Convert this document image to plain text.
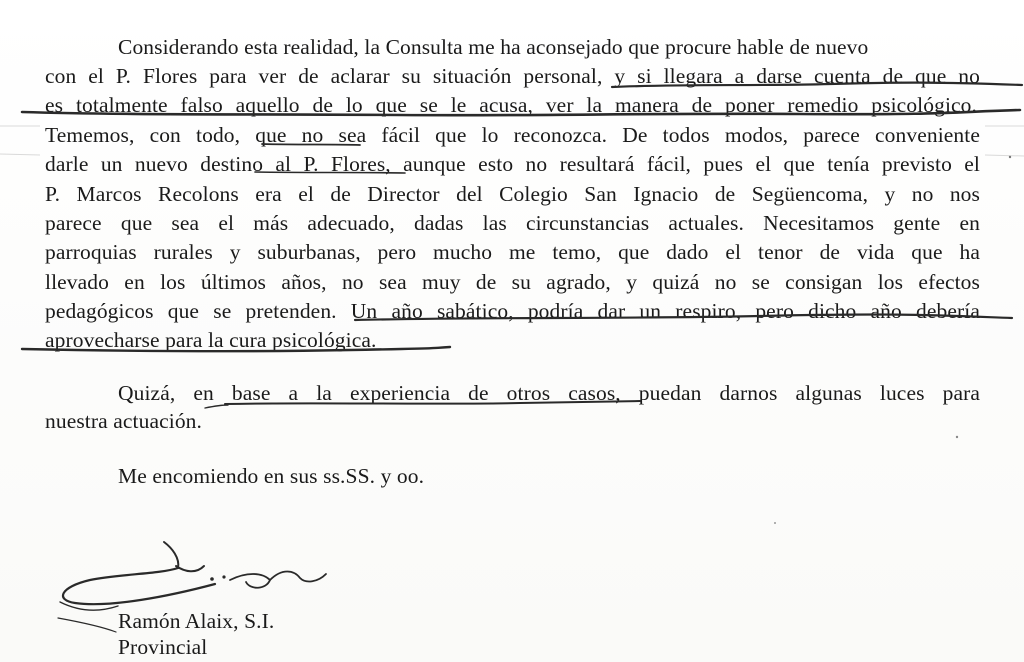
Considerando esta realidad, la Consulta me ha aconsejado que procure hable de nuevo
con el P. Flores para ver de aclarar su situación personal, y si llegara a darse cuenta de que no
es totalmente falso aquello de lo que se le acusa, ver la manera de poner remedio psicológico.
Tememos, con todo, que no sea fácil que lo reconozca. De todos modos, parece conveniente
darle un nuevo destino al P. Flores, aunque esto no resultará fácil, pues el que tenía previsto el
P. Marcos Recolons era el de Director del Colegio San Ignacio de Següencoma, y no nos
parece que sea el más adecuado, dadas las circunstancias actuales. Necesitamos gente en
parroquias rurales y suburbanas, pero mucho me temo, que dado el tenor de vida que ha
llevado en los últimos años, no sea muy de su agrado, y quizá no se consigan los efectos
pedagógicos que se pretenden. Un año sabático, podría dar un respiro, pero dicho año debería
aprovecharse para la cura psicológica.
Quizá, en base a la experiencia de otros casos, puedan darnos algunas luces para
nuestra actuación.
Me encomiendo en sus ss.SS. y oo.
Ramón Alaix, S.I.
Provincial
